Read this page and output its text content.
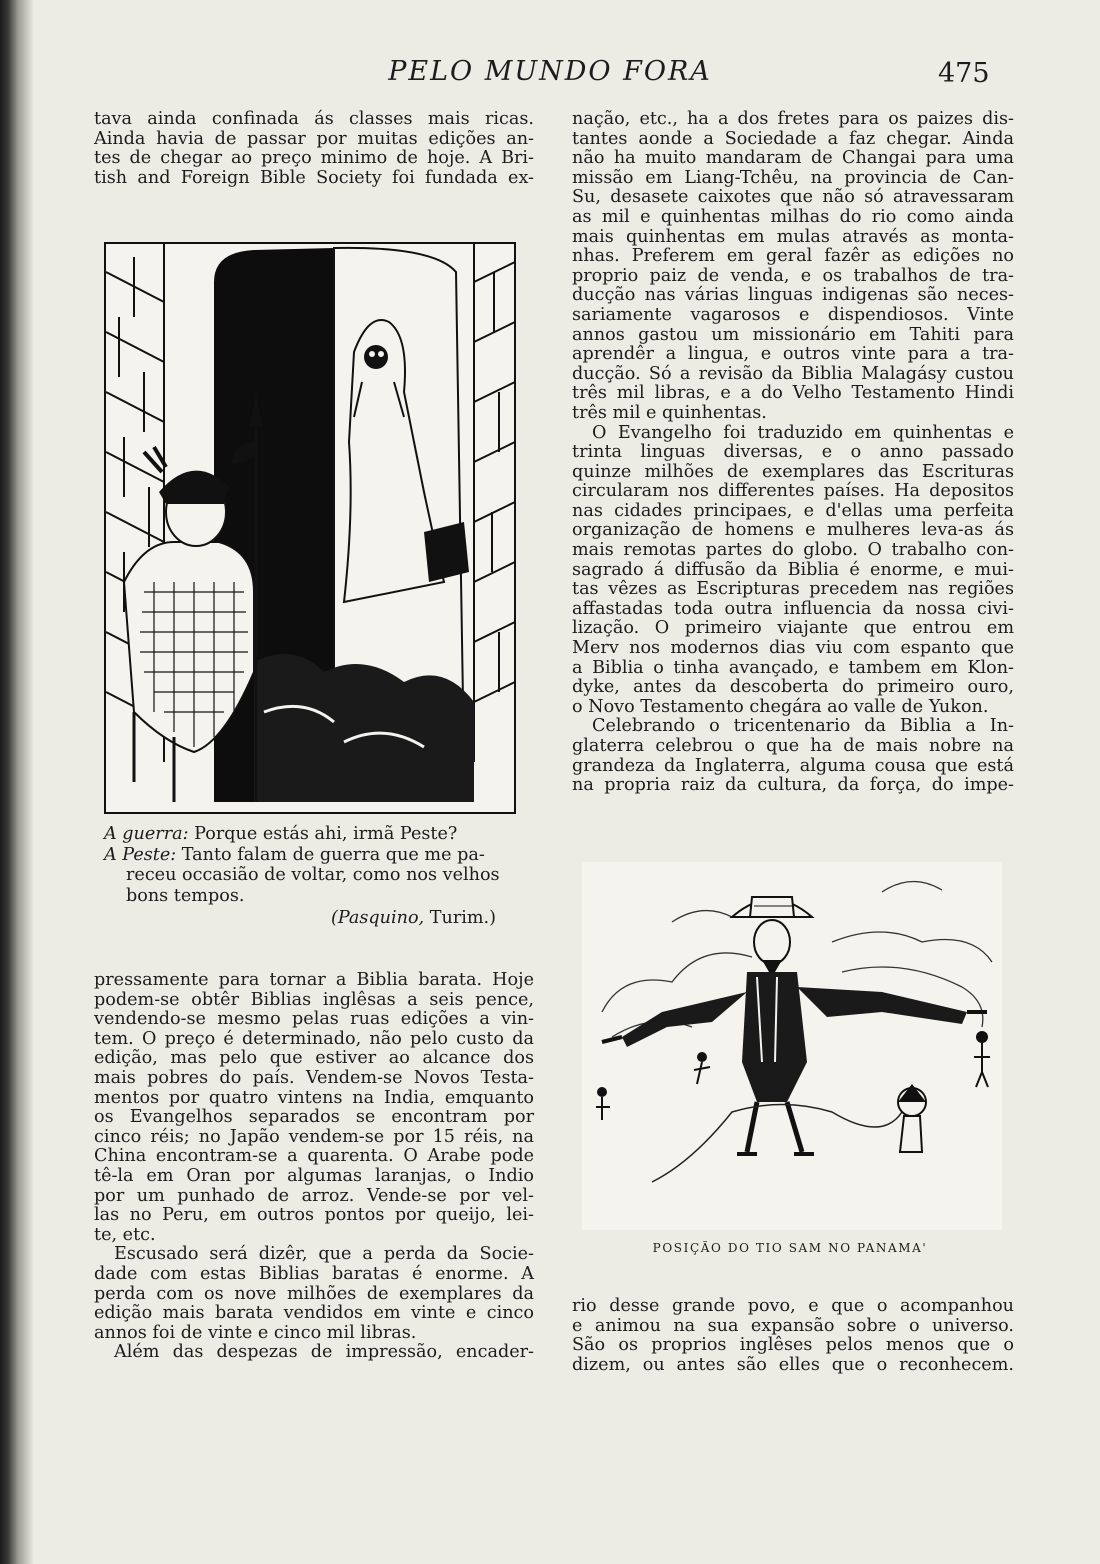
PELO MUNDO FORA	475
tava ainda confinada ás classes mais ricas.
Ainda havia de passar por muitas edições an-
tes de chegar ao preço minimo de hoje. A Bri-
tish and Foreign Bible Society foi fundada ex-
A guerra: Porque estás ahi, irmã Peste?
A Peste: Tanto falam de guerra que me pa-
receu occasião de voltar, como nos velhos
bons tempos.
(Pasquino, Turim.)
pressamente para tornar a Biblia barata. Hoje
podem-se obtêr Biblias inglêsas a seis pence,
vendendo-se mesmo pelas ruas edições a vin-
tem. O preço é determinado, não pelo custo da
edição, mas pelo que estiver ao alcance dos
mais pobres do país. Vendem-se Novos Testa-
mentos por quatro vintens na India, emquanto
os Evangelhos separados se encontram por
cinco réis; no Japão vendem-se por 15 réis, na
China encontram-se a quarenta. O Arabe pode
tê-la em Oran por algumas laranjas, o Indio
por um punhado de arroz. Vende-se por vel-
las no Peru, em outros pontos por queijo, lei-
te, etc.
Escusado será dizêr, que a perda da Socie-
dade com estas Biblias baratas é enorme. A
perda com os nove milhões de exemplares da
edição mais barata vendidos em vinte e cinco
annos foi de vinte e cinco mil libras.
Além das despezas de impressão, encader-
nação, etc., ha a dos fretes para os paizes dis-
tantes aonde a Sociedade a faz chegar. Ainda
não ha muito mandaram de Changai para uma
missão em Liang-Tchêu, na provincia de Can-
Su, desasete caixotes que não só atravessaram
as mil e quinhentas milhas do rio como ainda
mais quinhentas em mulas através as monta-
nhas. Preferem em geral fazêr as edições no
proprio paiz de venda, e os trabalhos de tra-
ducção nas várias linguas indigenas são neces-
sariamente vagarosos e dispendiosos. Vinte
annos gastou um missionário em Tahiti para
aprendêr a lingua, e outros vinte para a tra-
ducção. Só a revisão da Biblia Malagásy custou
três mil libras, e a do Velho Testamento Hindi
três mil e quinhentas.
O Evangelho foi traduzido em quinhentas e
trinta linguas diversas, e o anno passado
quinze milhões de exemplares das Escrituras
circularam nos differentes países. Ha depositos
nas cidades principaes, e d'ellas uma perfeita
organização de homens e mulheres leva-as ás
mais remotas partes do globo. O trabalho con-
sagrado á diffusão da Biblia é enorme, e mui-
tas vêzes as Escripturas precedem nas regiões
affastadas toda outra influencia da nossa civi-
lização. O primeiro viajante que entrou em
Merv nos modernos dias viu com espanto que
a Biblia o tinha avançado, e tambem em Klon-
dyke, antes da descoberta do primeiro ouro,
o Novo Testamento chegára ao valle de Yukon.
Celebrando o tricentenario da Biblia a In-
glaterra celebrou o que ha de mais nobre na
grandeza da Inglaterra, alguma cousa que está
na propria raiz da cultura, da força, do impe-
POSIÇÃO DO TIO SAM NO PANAMA'
rio desse grande povo, e que o acompanhou
e animou na sua expansão sobre o universo.
São os proprios inglêses pelos menos que o
dizem, ou antes são elles que o reconhecem.
